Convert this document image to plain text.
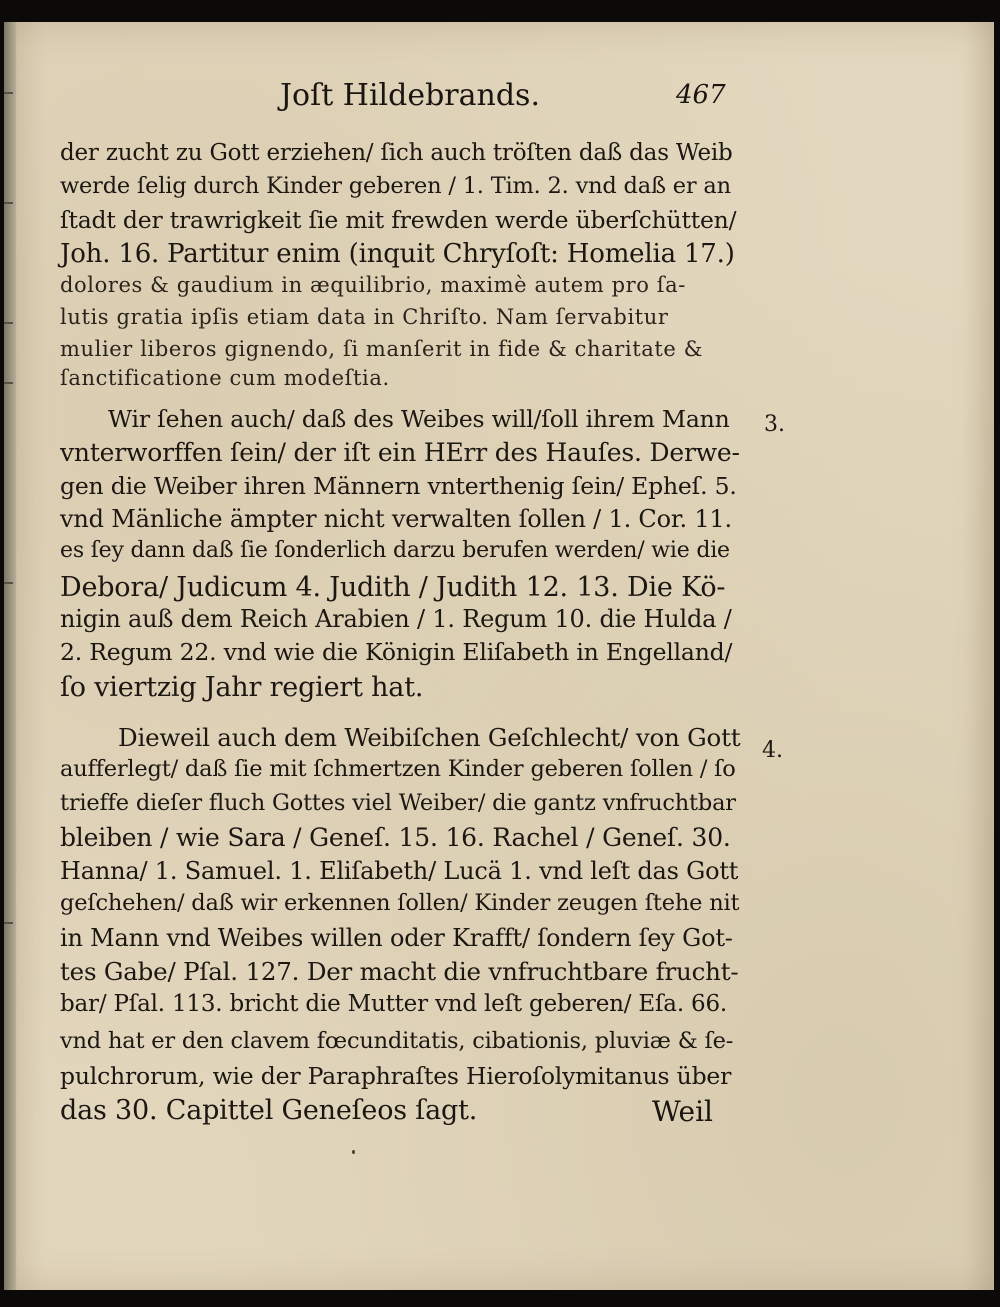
Joſt Hildebrands.	467

der zucht zu Gott erziehen/ ſich auch tröſten daß das Weib

werde ſelig durch Kinder geberen / 1. Tim. 2. vnd daß er an

ſtadt der trawrigkeit ſie mit frewden werde überſchütten/

Joh. 16. Partitur enim (inquit Chryſoſt: Homelia 17.)

dolores & gaudium in æquilibrio, maximè autem pro ſa-

lutis gratia ipſis etiam data in Chriſto. Nam ſervabitur

mulier liberos gignendo, ſi manſerit in fide & charitate &

ſanctificatione cum modeſtia.

Wir ſehen auch/ daß des Weibes will/ſoll ihrem Mann

vnterworffen ſein/ der iſt ein HErr des Hauſes. Derwe-

gen die Weiber ihren Männern vnterthenig ſein/ Epheſ. 5.

vnd Mänliche ämpter nicht verwalten ſollen / 1. Cor. 11.

es ſey dann daß ſie ſonderlich darzu berufen werden/ wie die

Debora/ Judicum 4. Judith / Judith 12. 13. Die Kö-

nigin auß dem Reich Arabien / 1. Regum 10. die Hulda /

2. Regum 22. vnd wie die Königin Eliſabeth in Engelland/

ſo viertzig Jahr regiert hat.

Dieweil auch dem Weibiſchen Geſchlecht/ von Gott

aufferlegt/ daß ſie mit ſchmertzen Kinder geberen ſollen / ſo

trieffe dieſer fluch Gottes viel Weiber/ die gantz vnfruchtbar

bleiben / wie Sara / Geneſ. 15. 16. Rachel / Geneſ. 30.

Hanna/ 1. Samuel. 1. Eliſabeth/ Lucä 1. vnd leſt das Gott

geſchehen/ daß wir erkennen ſollen/ Kinder zeugen ſtehe nit

in Mann vnd Weibes willen oder Krafft/ ſondern ſey Got-

tes Gabe/ Pſal. 127. Der macht die vnfruchtbare frucht-

bar/ Pſal. 113. bricht die Mutter vnd leſt geberen/ Eſa. 66.

vnd hat er den clavem fœcunditatis, cibationis, pluviæ & ſe-

pulchrorum, wie der Paraphraſtes Hieroſolymitanus über

das 30. Capittel Geneſeos ſagt.

3.
4.
Weil
